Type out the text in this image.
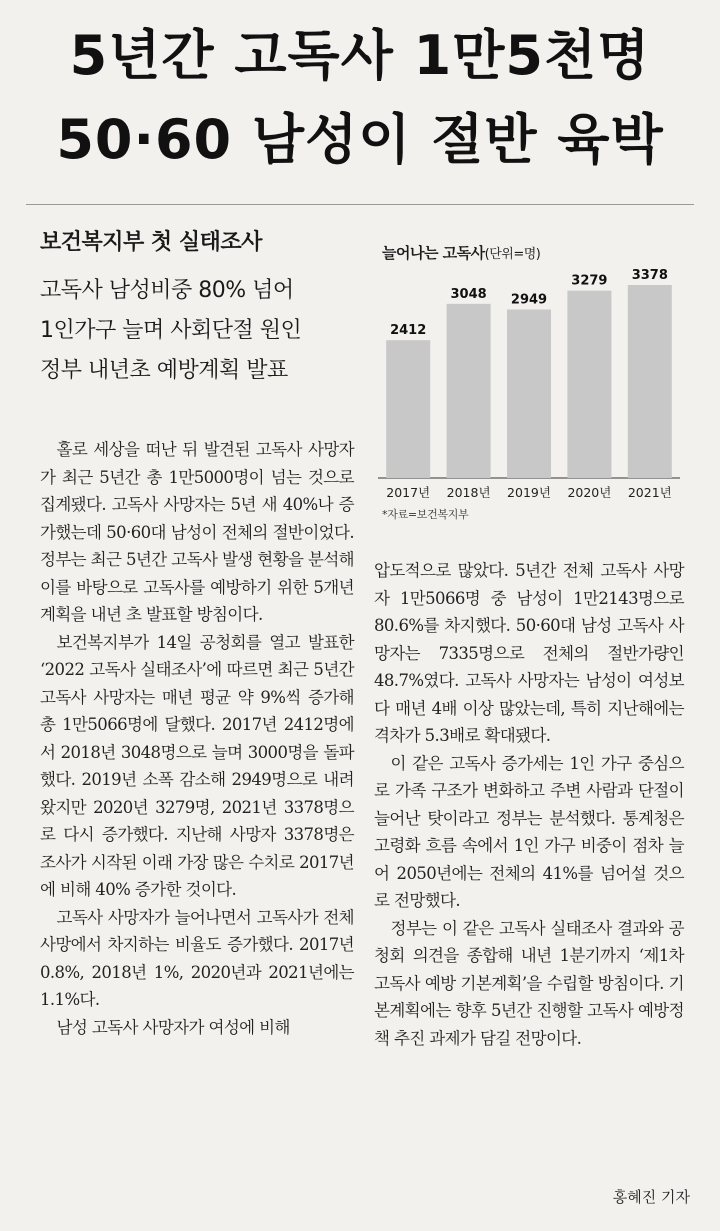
5년간 고독사 1만5천명
50·60 남성이 절반 육박
보건복지부 첫 실태조사
고독사 남성비중 80% 넘어
1인가구 늘며 사회단절 원인
정부 내년초 예방계획 발표
늘어나는 고독사(단위=명)
2412
2017년
3048
2018년
2949
2019년
3279
2020년
3378
2021년
*자료=보건복지부

홀로 세상을 떠난 뒤 발견된 고독사 사망자가 최근 5년간 총 1만5000명이 넘는 것으로 집계됐다. 고독사 사망자는 5년 새 40%나 증가했는데 50·60대 남성이 전체의 절반이었다. 정부는 최근 5년간 고독사 발생 현황을 분석해 이를 바탕으로 고독사를 예방하기 위한 5개년 계획을 내년 초 발표할 방침이다.

보건복지부가 14일 공청회를 열고 발표한 ‘2022 고독사 실태조사’에 따르면 최근 5년간 고독사 사망자는 매년 평균 약 9%씩 증가해 총 1만5066명에 달했다. 2017년 2412명에서 2018년 3048명으로 늘며 3000명을 돌파했다. 2019년 소폭 감소해 2949명으로 내려왔지만 2020년 3279명, 2021년 3378명으로 다시 증가했다. 지난해 사망자 3378명은 조사가 시작된 이래 가장 많은 수치로 2017년에 비해 40% 증가한 것이다.

고독사 사망자가 늘어나면서 고독사가 전체 사망에서 차지하는 비율도 증가했다. 2017년 0.8%, 2018년 1%, 2020년과 2021년에는 1.1%다.

남성 고독사 사망자가 여성에 비해

압도적으로 많았다. 5년간 전체 고독사 사망자 1만5066명 중 남성이 1만2143명으로 80.6%를 차지했다. 50·60대 남성 고독사 사망자는 7335명으로 전체의 절반가량인 48.7%였다. 고독사 사망자는 남성이 여성보다 매년 4배 이상 많았는데, 특히 지난해에는 격차가 5.3배로 확대됐다.

이 같은 고독사 증가세는 1인 가구 중심으로 가족 구조가 변화하고 주변 사람과 단절이 늘어난 탓이라고 정부는 분석했다. 통계청은 고령화 흐름 속에서 1인 가구 비중이 점차 늘어 2050년에는 전체의 41%를 넘어설 것으로 전망했다.

정부는 이 같은 고독사 실태조사 결과와 공청회 의견을 종합해 내년 1분기까지 ‘제1차 고독사 예방 기본계획’을 수립할 방침이다. 기본계획에는 향후 5년간 진행할 고독사 예방정책 추진 과제가 담길 전망이다.

홍혜진 기자
